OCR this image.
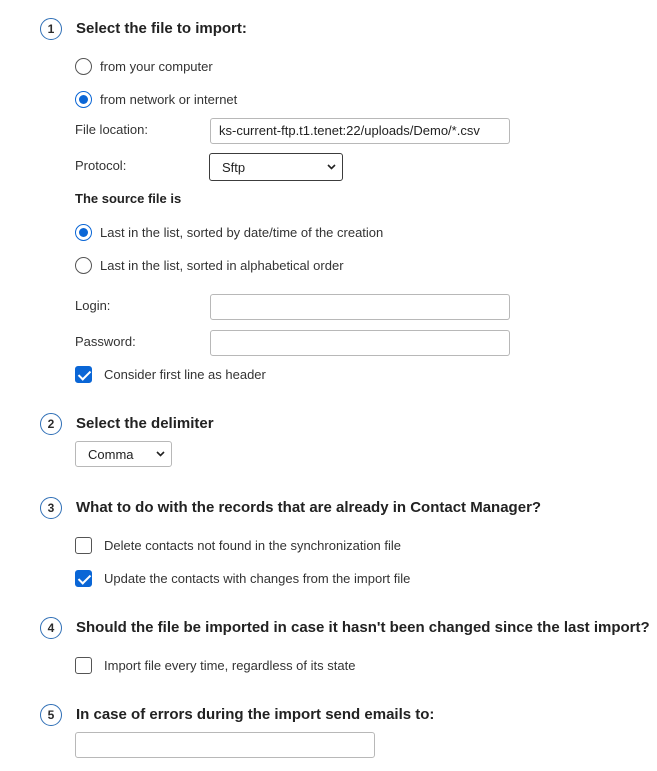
1	Select the file to import:
from your computer
from network or internet
File location:	ks-current-ftp.t1.tenet:22/uploads/Demo/*.csv
Protocol:	Sftp
The source file is
Last in the list, sorted by date/time of the creation
Last in the list, sorted in alphabetical order
Login:
Password:
Consider first line as header
2	Select the delimiter
Comma
3	What to do with the records that are already in Contact Manager?
Delete contacts not found in the synchronization file
Update the contacts with changes from the import file
4	Should the file be imported in case it hasn't been changed since the last import?
Import file every time, regardless of its state
5	In case of errors during the import send emails to:
